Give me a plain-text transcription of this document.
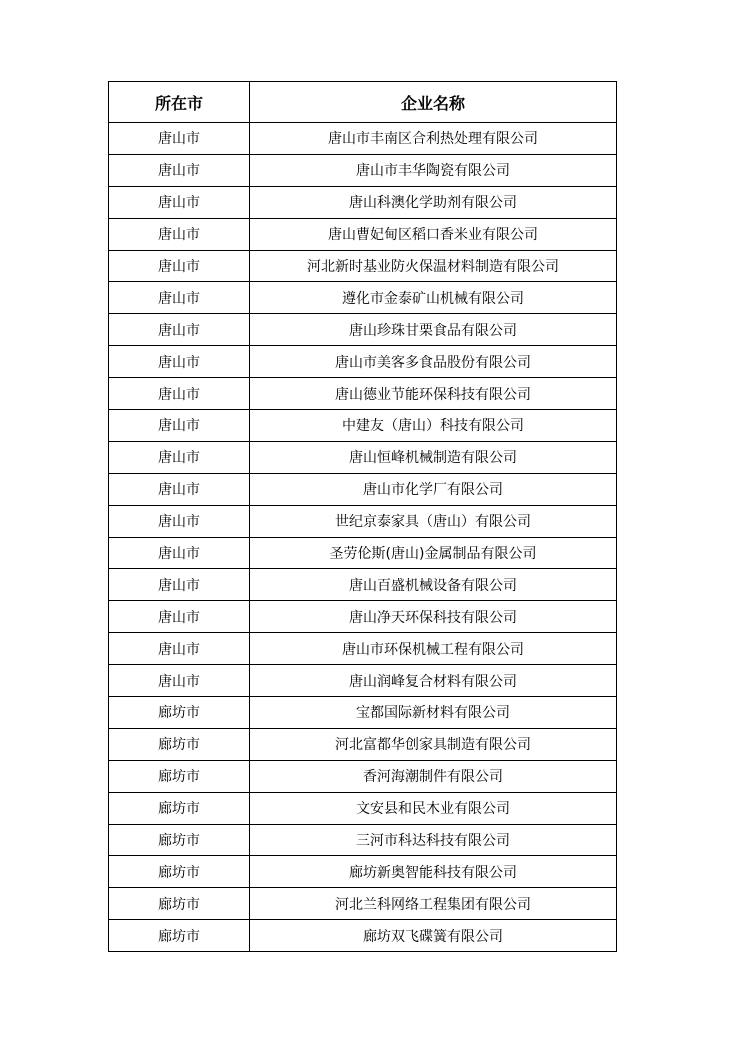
所在市	企业名称
唐山市	唐山市丰南区合利热处理有限公司
唐山市	唐山市丰华陶瓷有限公司
唐山市	唐山科澳化学助剂有限公司
唐山市	唐山曹妃甸区稻口香米业有限公司
唐山市	河北新时基业防火保温材料制造有限公司
唐山市	遵化市金泰矿山机械有限公司
唐山市	唐山珍珠甘栗食品有限公司
唐山市	唐山市美客多食品股份有限公司
唐山市	唐山德业节能环保科技有限公司
唐山市	中建友（唐山）科技有限公司
唐山市	唐山恒峰机械制造有限公司
唐山市	唐山市化学厂有限公司
唐山市	世纪京泰家具（唐山）有限公司
唐山市	圣劳伦斯(唐山)金属制品有限公司
唐山市	唐山百盛机械设备有限公司
唐山市	唐山净天环保科技有限公司
唐山市	唐山市环保机械工程有限公司
唐山市	唐山润峰复合材料有限公司
廊坊市	宝都国际新材料有限公司
廊坊市	河北富都华创家具制造有限公司
廊坊市	香河海潮制件有限公司
廊坊市	文安县和民木业有限公司
廊坊市	三河市科达科技有限公司
廊坊市	廊坊新奥智能科技有限公司
廊坊市	河北兰科网络工程集团有限公司
廊坊市	廊坊双飞碟簧有限公司
